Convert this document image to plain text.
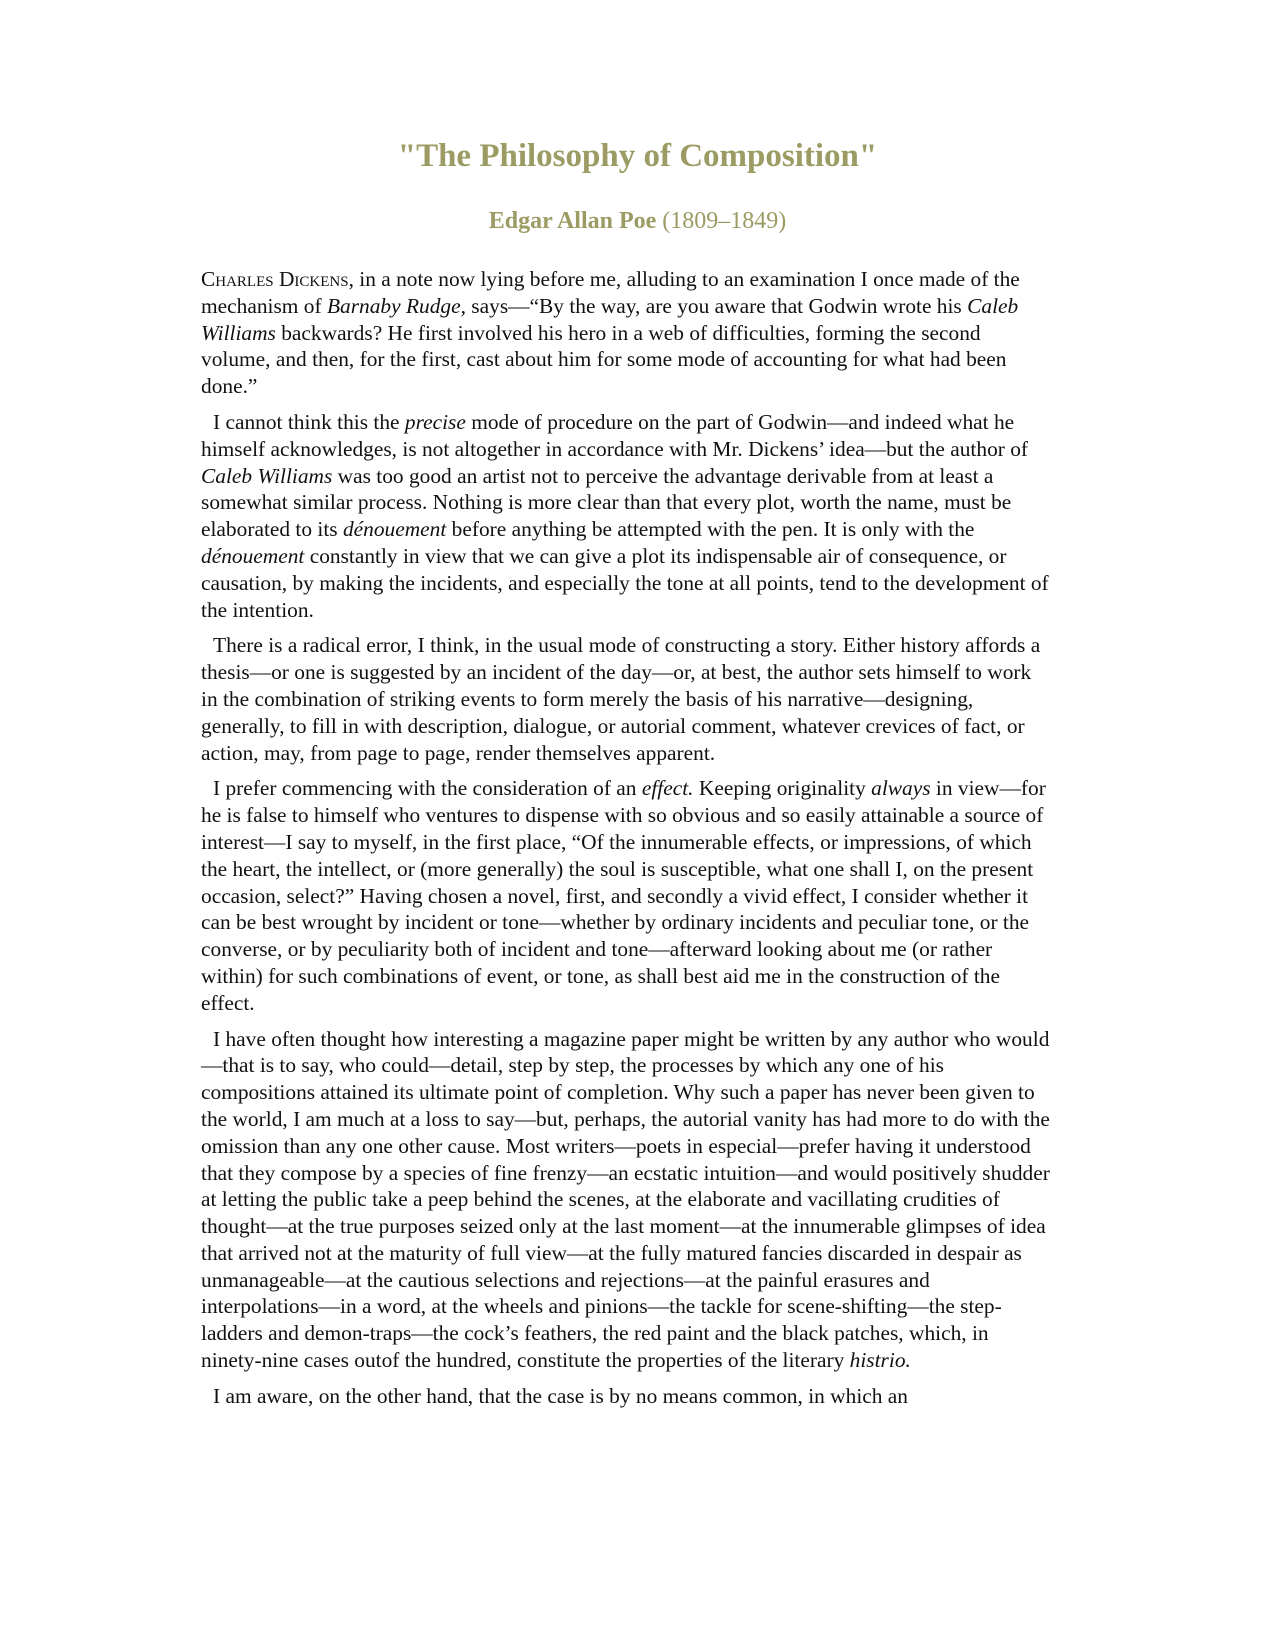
"The Philosophy of Composition"
Edgar Allan Poe (1809–1849)

Charles Dickens, in a note now lying before me, alluding to an examination I once made of the mechanism of Barnaby Rudge, says—“By the way, are you aware that Godwin wrote his Caleb Williams backwards? He first involved his hero in a web of difficulties, forming the second volume, and then, for the first, cast about him for some mode of accounting for what had been done.”

I cannot think this the precise mode of procedure on the part of Godwin—and indeed what he himself acknowledges, is not altogether in accordance with Mr. Dickens’ idea—but the author of Caleb Williams was too good an artist not to perceive the advantage derivable from at least a somewhat similar process. Nothing is more clear than that every plot, worth the name, must be elaborated to its dénouement before anything be attempted with the pen. It is only with the dénouement constantly in view that we can give a plot its indispensable air of consequence, or causation, by making the incidents, and especially the tone at all points, tend to the development of the intention.

There is a radical error, I think, in the usual mode of constructing a story. Either history affords a thesis—or one is suggested by an incident of the day—or, at best, the author sets himself to work in the combination of striking events to form merely the basis of his narrative—designing, generally, to fill in with description, dialogue, or autorial comment, whatever crevices of fact, or action, may, from page to page, render themselves apparent.

I prefer commencing with the consideration of an effect. Keeping originality always in view—for he is false to himself who ventures to dispense with so obvious and so easily attainable a source of interest—I say to myself, in the first place, “Of the innumerable effects, or impressions, of which the heart, the intellect, or (more generally) the soul is susceptible, what one shall I, on the present occasion, select?” Having chosen a novel, first, and secondly a vivid effect, I consider whether it can be best wrought by incident or tone—whether by ordinary incidents and peculiar tone, or the converse, or by peculiarity both of incident and tone—afterward looking about me (or rather within) for such combinations of event, or tone, as shall best aid me in the construction of the effect.

I have often thought how interesting a magazine paper might be written by any author who would—that is to say, who could—detail, step by step, the processes by which any one of his compositions attained its ultimate point of completion. Why such a paper has never been given to the world, I am much at a loss to say—but, perhaps, the autorial vanity has had more to do with the omission than any one other cause. Most writers—poets in especial—prefer having it understood that they compose by a species of fine frenzy—an ecstatic intuition—and would positively shudder at letting the public take a peep behind the scenes, at the elaborate and vacillating crudities of thought—at the true purposes seized only at the last moment—at the innumerable glimpses of idea that arrived not at the maturity of full view—at the fully matured fancies discarded in despair as unmanageable—at the cautious selections and rejections—at the painful erasures and interpolations—in a word, at the wheels and pinions—the tackle for scene-shifting—the step-ladders and demon-traps—the cock’s feathers, the red paint and the black patches, which, in ninety-nine cases outof the hundred, constitute the properties of the literary histrio.

I am aware, on the other hand, that the case is by no means common, in which an
